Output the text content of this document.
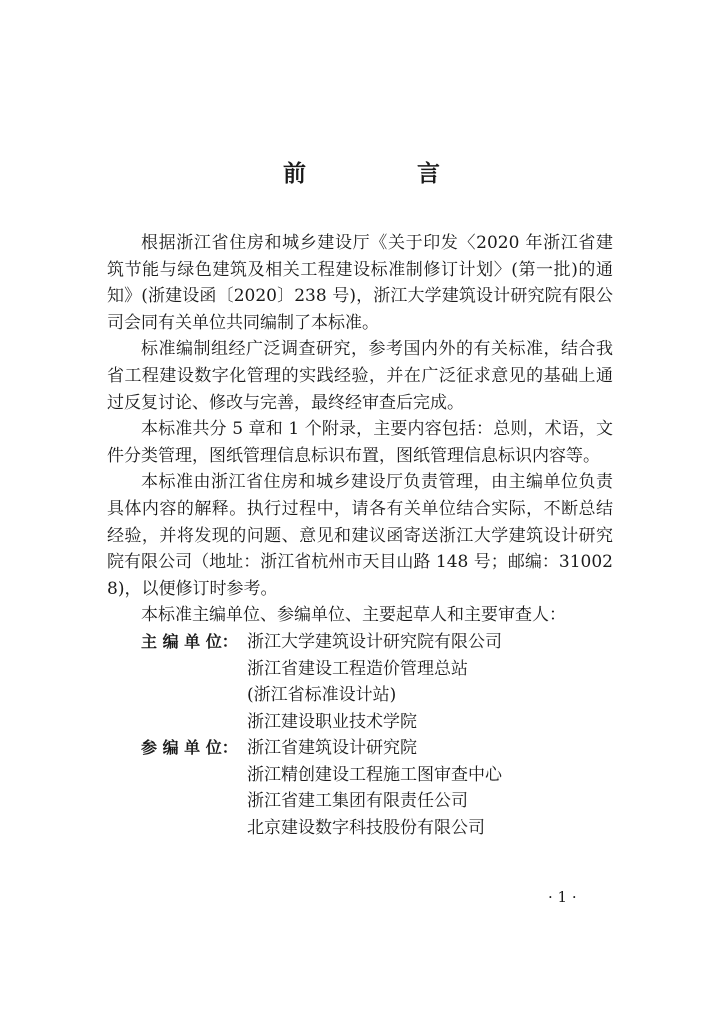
前　言

根据浙江省住房和城乡建设厅《关于印发〈2020 年浙江省建筑节能与绿色建筑及相关工程建设标准制修订计划〉(第一批)的通知》(浙建设函〔2020〕238 号)，浙江大学建筑设计研究院有限公司会同有关单位共同编制了本标准。

标准编制组经广泛调查研究，参考国内外的有关标准，结合我省工程建设数字化管理的实践经验，并在广泛征求意见的基础上通过反复讨论、修改与完善，最终经审查后完成。

本标准共分 5 章和 1 个附录，主要内容包括：总则，术语，文件分类管理，图纸管理信息标识布置，图纸管理信息标识内容等。

本标准由浙江省住房和城乡建设厅负责管理，由主编单位负责具体内容的解释。执行过程中，请各有关单位结合实际，不断总结经验，并将发现的问题、意见和建议函寄送浙江大学建筑设计研究院有限公司（地址：浙江省杭州市天目山路 148 号；邮编：310028)，以便修订时参考。

本标准主编单位、参编单位、主要起草人和主要审查人：

主 编 单 位： 浙江大学建筑设计研究院有限公司
浙江省建设工程造价管理总站
(浙江省标准设计站)
浙江建设职业技术学院
参 编 单 位： 浙江省建筑设计研究院
浙江精创建设工程施工图审查中心
浙江省建工集团有限责任公司
北京建设数字科技股份有限公司
· 1 ·
